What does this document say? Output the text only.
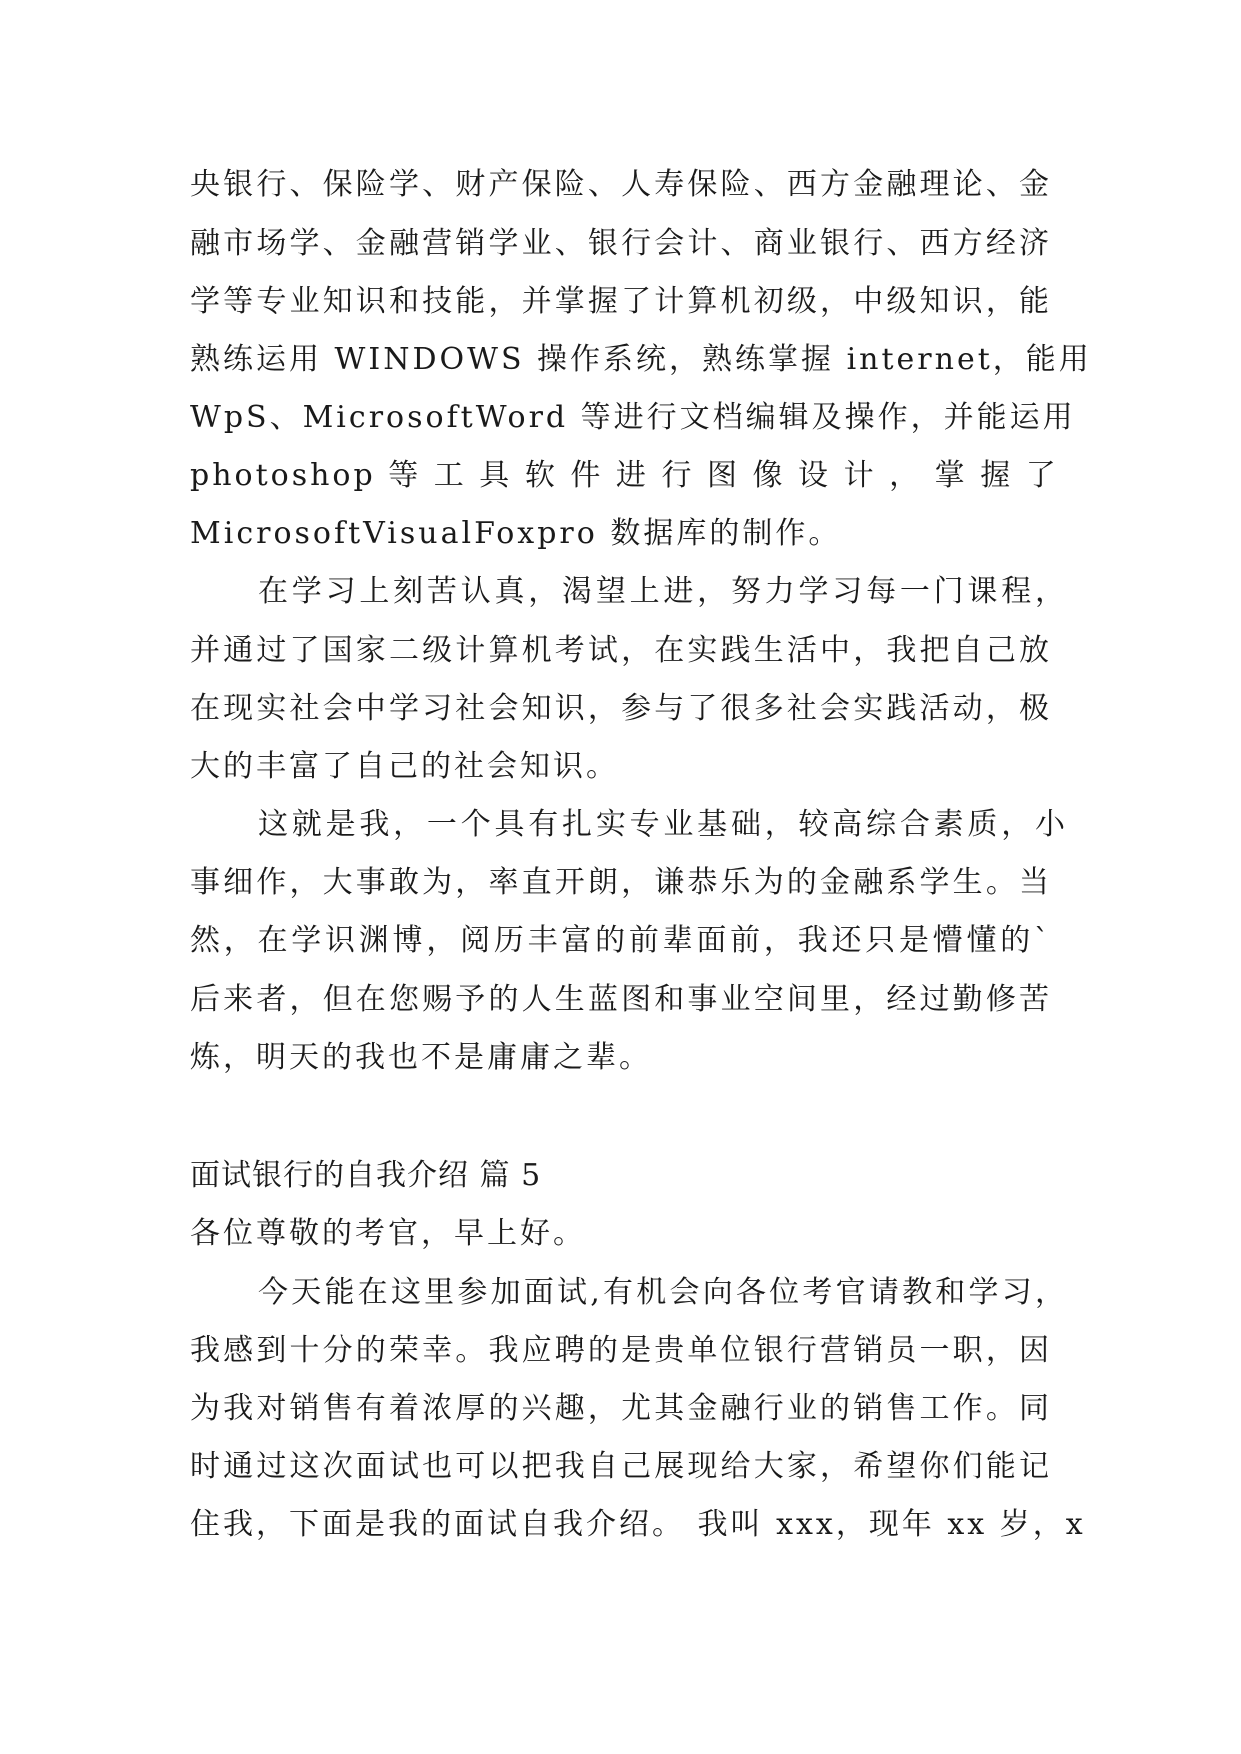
央银行、保险学、财产保险、人寿保险、西方金融理论、金
融市场学、金融营销学业、银行会计、商业银行、西方经济
学等专业知识和技能，并掌握了计算机初级，中级知识，能
熟练运用 WINDOWS 操作系统，熟练掌握 internet，能用
WpS、MicrosoftWord 等进行文档编辑及操作，并能运用
photoshop 等 工 具 软 件 进 行 图 像 设 计 ， 掌 握 了
MicrosoftVisualFoxpro 数据库的制作。
在学习上刻苦认真，渴望上进，努力学习每一门课程，
并通过了国家二级计算机考试，在实践生活中，我把自己放
在现实社会中学习社会知识，参与了很多社会实践活动，极
大的丰富了自己的社会知识。
这就是我，一个具有扎实专业基础，较高综合素质，小
事细作，大事敢为，率直开朗，谦恭乐为的金融系学生。当
然，在学识渊博，阅历丰富的前辈面前，我还只是懵懂的`
后来者，但在您赐予的人生蓝图和事业空间里，经过勤修苦
炼，明天的我也不是庸庸之辈。
面试银行的自我介绍 篇 5
各位尊敬的考官，早上好。
今天能在这里参加面试,有机会向各位考官请教和学习，
我感到十分的荣幸。我应聘的是贵单位银行营销员一职，因
为我对销售有着浓厚的兴趣，尤其金融行业的销售工作。同
时通过这次面试也可以把我自己展现给大家，希望你们能记
住我，下面是我的面试自我介绍。 我叫 xxx，现年 xx 岁，x
